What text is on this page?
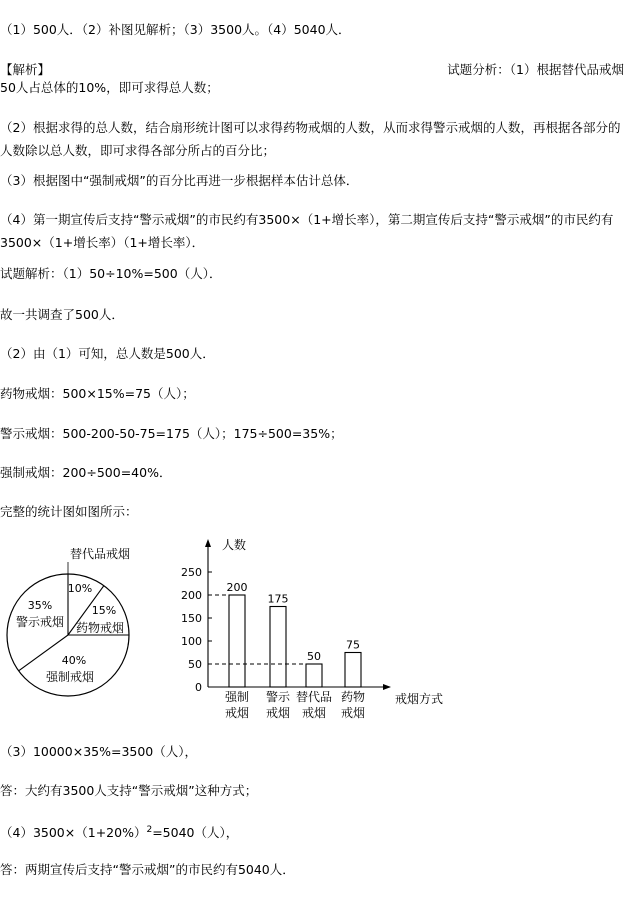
（1）500人．（2）补图见解析；（3）3500人。（4）5040人．
【解析】	试题分析：（1）根据替代品戒烟
50人占总体的10%，即可求得总人数；
（2）根据求得的总人数，结合扇形统计图可以求得药物戒烟的人数，从而求得警示戒烟的人数，再根据各部分的人数除以总人数，即可求得各部分所占的百分比；
（3）根据图中“强制戒烟”的百分比再进一步根据样本估计总体．
（4）第一期宣传后支持“警示戒烟”的市民约有3500×（1+增长率），第二期宣传后支持“警示戒烟”的市民约有3500×（1+增长率）（1+增长率）．
试题解析：（1）50÷10%=500（人）．
故一共调查了500人．
（2）由（1）可知，总人数是500人．
药物戒烟：500×15%=75（人）；
警示戒烟：500-200-50-75=175（人）；175÷500=35%；
强制戒烟：200÷500=40%．
完整的统计图如图所示：
10%
替代品戒烟
15%
药物戒烟
40%
强制戒烟
35%
警示戒烟
人数
戒烟方式
0
50
100
150
200
250
200
强制
戒烟
175
警示
戒烟
50
替代品
戒烟
75
药物
戒烟
（3）10000×35%=3500（人），
答：大约有3500人支持“警示戒烟”这种方式；
$(4)3500\times(1+20\%)^2=5040$（人），
答：两期宣传后支持“警示戒烟”的市民约有5040人．
